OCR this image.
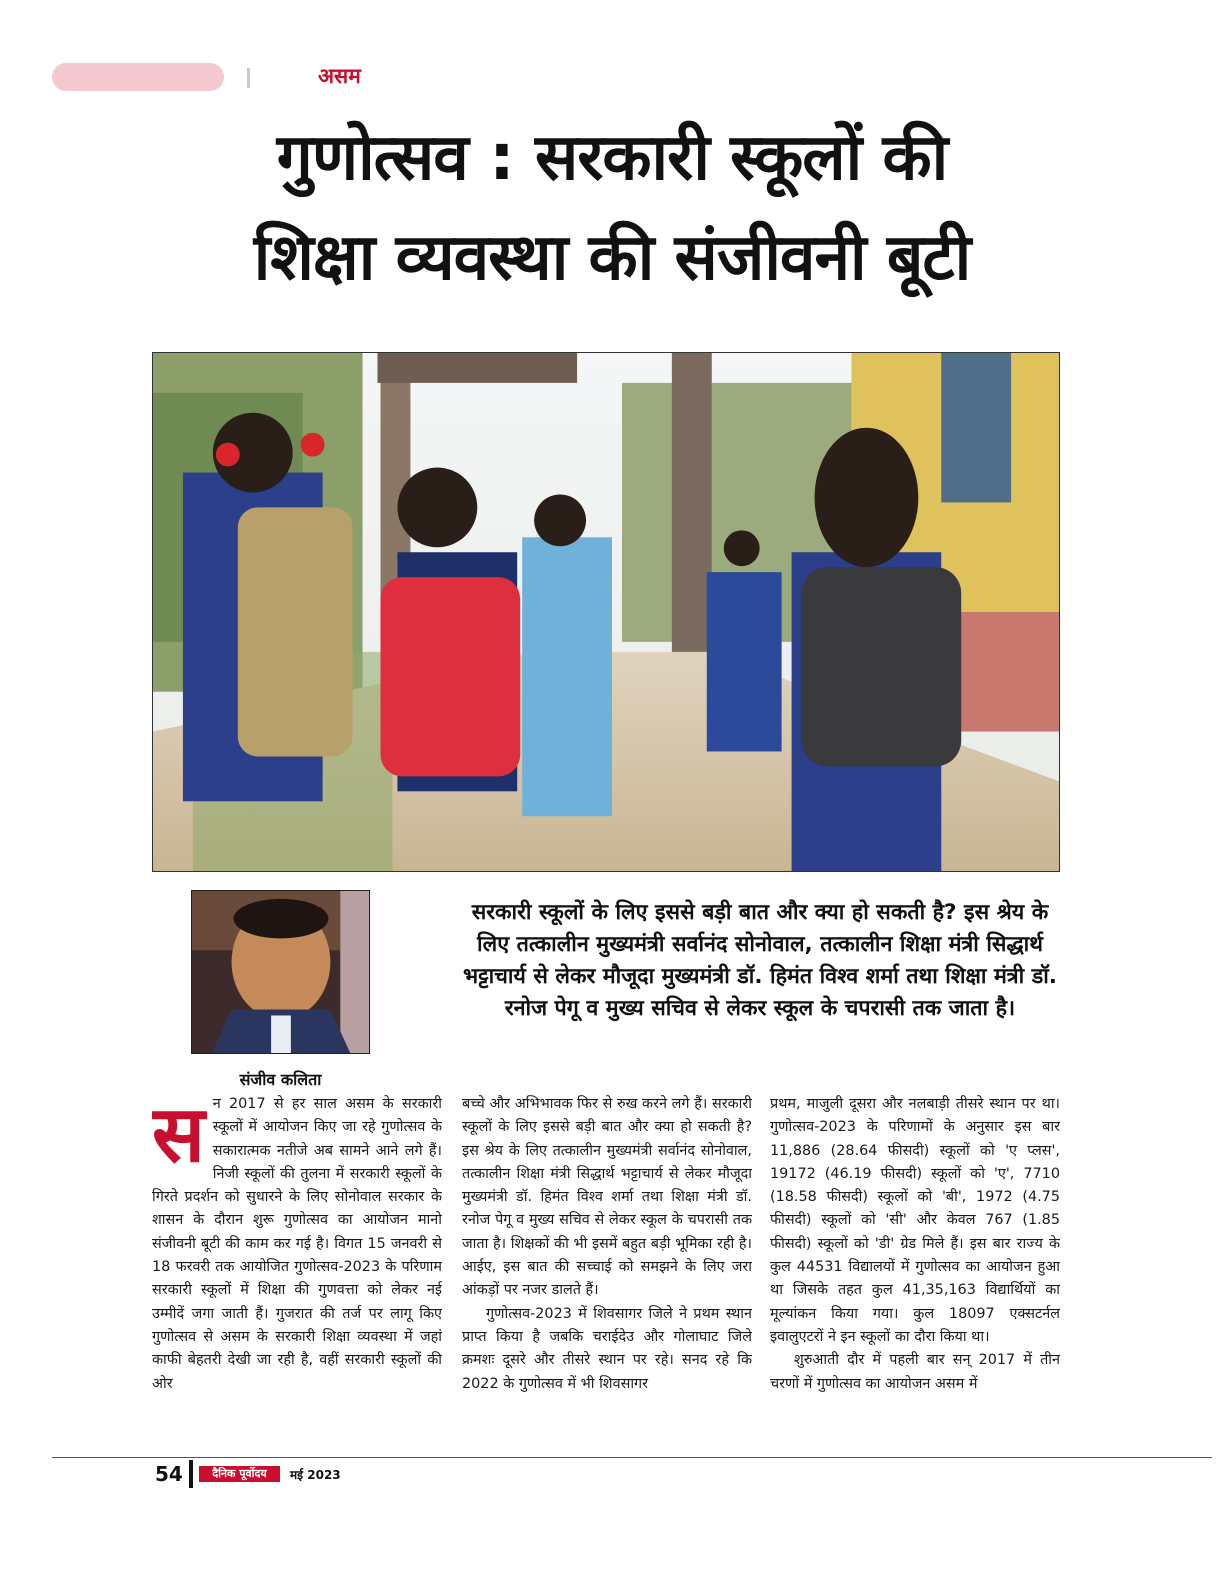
असम
गुणोत्सव : सरकारी स्कूलों की
शिक्षा व्यवस्था की संजीवनी बूटी
संजीव कलिता

सरकारी स्कूलों के लिए इससे बड़ी बात और क्या हो सकती है? इस श्रेय के लिए तत्कालीन मुख्यमंत्री सर्वानंद सोनोवाल, तत्कालीन शिक्षा मंत्री सिद्धार्थ भट्टाचार्य से लेकर मौजूदा मुख्यमंत्री डॉ. हिमंत विश्व शर्मा तथा शिक्षा मंत्री डॉ. रनोज पेगू व मुख्य सचिव से लेकर स्कूल के चपरासी तक जाता है।

स न 2017 से हर साल असम के सरकारी स्कूलों में आयोजन किए जा रहे गुणोत्सव के सकारात्मक नतीजे अब सामने आने लगे हैं। निजी स्कूलों की तुलना में सरकारी स्कूलों के गिरते प्रदर्शन को सुधारने के लिए सोनोवाल सरकार के शासन के दौरान शुरू गुणोत्सव का आयोजन मानो संजीवनी बूटी की काम कर गई है। विगत 15 जनवरी से 18 फरवरी तक आयोजित गुणोत्सव-2023 के परिणाम सरकारी स्कूलों में शिक्षा की गुणवत्ता को लेकर नई उम्मीदें जगा जाती हैं। गुजरात की तर्ज पर लागू किए गुणोत्सव से असम के सरकारी शिक्षा व्यवस्था में जहां काफी बेहतरी देखी जा रही है, वहीं सरकारी स्कूलों की ओर

बच्चे और अभिभावक फिर से रुख करने लगे हैं। सरकारी स्कूलों के लिए इससे बड़ी बात और क्या हो सकती है? इस श्रेय के लिए तत्कालीन मुख्यमंत्री सर्वानंद सोनोवाल, तत्कालीन शिक्षा मंत्री सिद्धार्थ भट्टाचार्य से लेकर मौजूदा मुख्यमंत्री डॉ. हिमंत विश्व शर्मा तथा शिक्षा मंत्री डॉ. रनोज पेगू व मुख्य सचिव से लेकर स्कूल के चपरासी तक जाता है। शिक्षकों की भी इसमें बहुत बड़ी भूमिका रही है। आईए, इस बात की सच्चाई को समझने के लिए जरा आंकड़ों पर नजर डालते हैं।

गुणोत्सव-2023 में शिवसागर जिले ने प्रथम स्थान प्राप्त किया है जबकि चराईदेउ और गोलाघाट जिले क्रमशः दूसरे और तीसरे स्थान पर रहे। सनद रहे कि 2022 के गुणोत्सव में भी शिवसागर

प्रथम, माजुली दूसरा और नलबाड़ी तीसरे स्थान पर था। गुणोत्सव-2023 के परिणामों के अनुसार इस बार 11,886 (28.64 फीसदी) स्कूलों को 'ए प्लस', 19172 (46.19 फीसदी) स्कूलों को 'ए', 7710 (18.58 फीसदी) स्कूलों को 'बी', 1972 (4.75 फीसदी) स्कूलों को 'सी' और केवल 767 (1.85 फीसदी) स्कूलों को 'डी' ग्रेड मिले हैं। इस बार राज्य के कुल 44531 विद्यालयों में गुणोत्सव का आयोजन हुआ था जिसके तहत कुल 41,35,163 विद्यार्थियों का मूल्यांकन किया गया। कुल 18097 एक्सटर्नल इवालुएटरों ने इन स्कूलों का दौरा किया था।

शुरुआती दौर में पहली बार सन् 2017 में तीन चरणों में गुणोत्सव का आयोजन असम में

54	दैनिक पूर्वोदय	मई 2023
